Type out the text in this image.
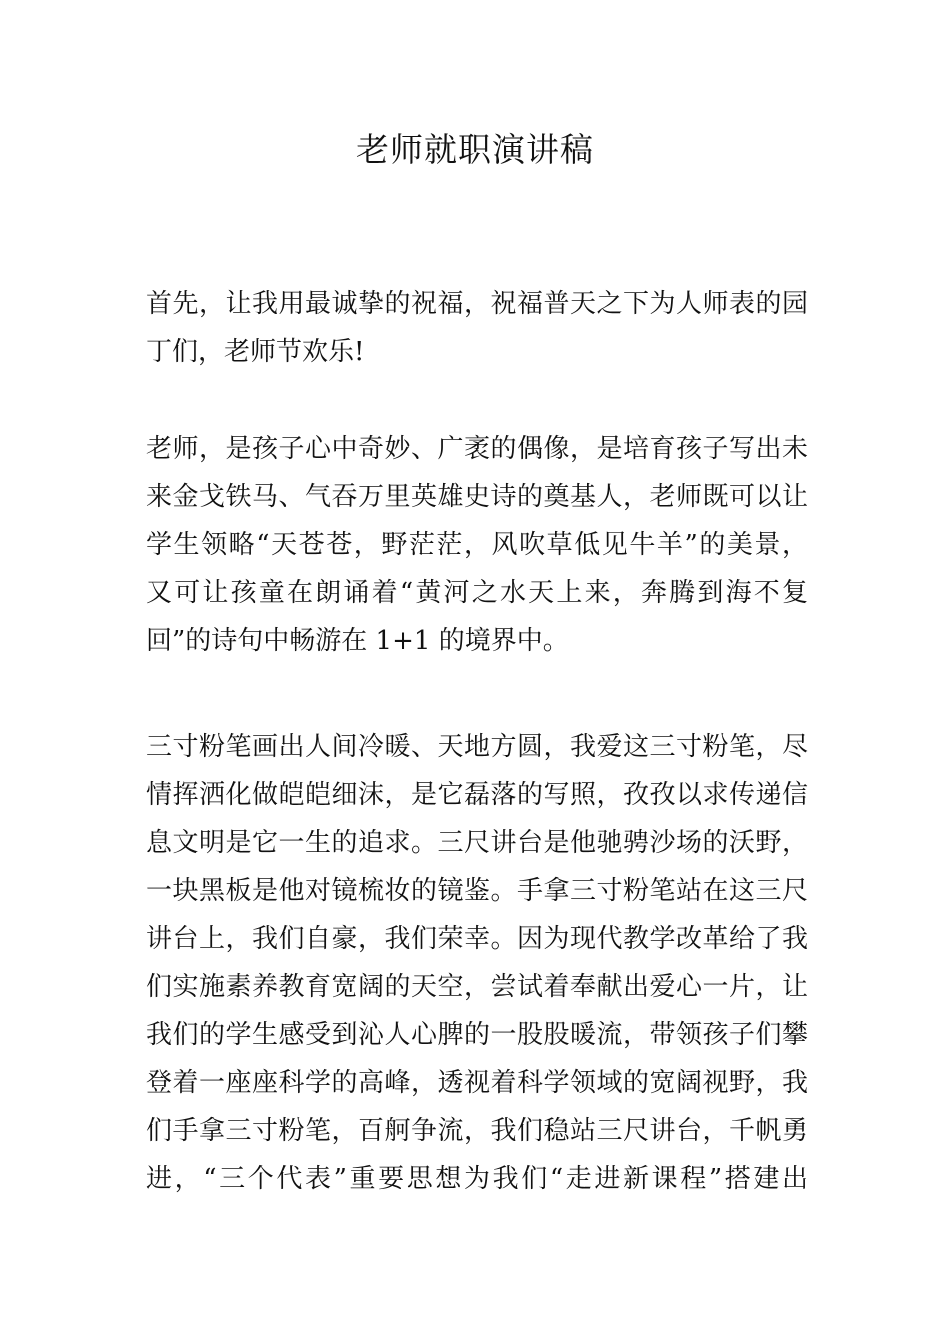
老师就职演讲稿
首先，让我用最诚挚的祝福，祝福普天之下为人师表的园
丁们，老师节欢乐!
老师，是孩子心中奇妙、广袤的偶像，是培育孩子写出未
来金戈铁马、气吞万里英雄史诗的奠基人，老师既可以让
学生领略“天苍苍，野茫茫，风吹草低见牛羊”的美景，
又可让孩童在朗诵着“黄河之水天上来，奔腾到海不复
回”的诗句中畅游在 1+1 的境界中。
三寸粉笔画出人间冷暖、天地方圆，我爱这三寸粉笔，尽
情挥洒化做皑皑细沫，是它磊落的写照，孜孜以求传递信
息文明是它一生的追求。三尺讲台是他驰骋沙场的沃野，
一块黑板是他对镜梳妆的镜鉴。手拿三寸粉笔站在这三尺
讲台上，我们自豪，我们荣幸。因为现代教学改革给了我
们实施素养教育宽阔的天空，尝试着奉献出爱心一片，让
我们的学生感受到沁人心脾的一股股暖流，带领孩子们攀
登着一座座科学的高峰，透视着科学领域的宽阔视野，我
们手拿三寸粉笔，百舸争流，我们稳站三尺讲台，千帆勇
进，“三个代表”重要思想为我们“走进新课程”搭建出
